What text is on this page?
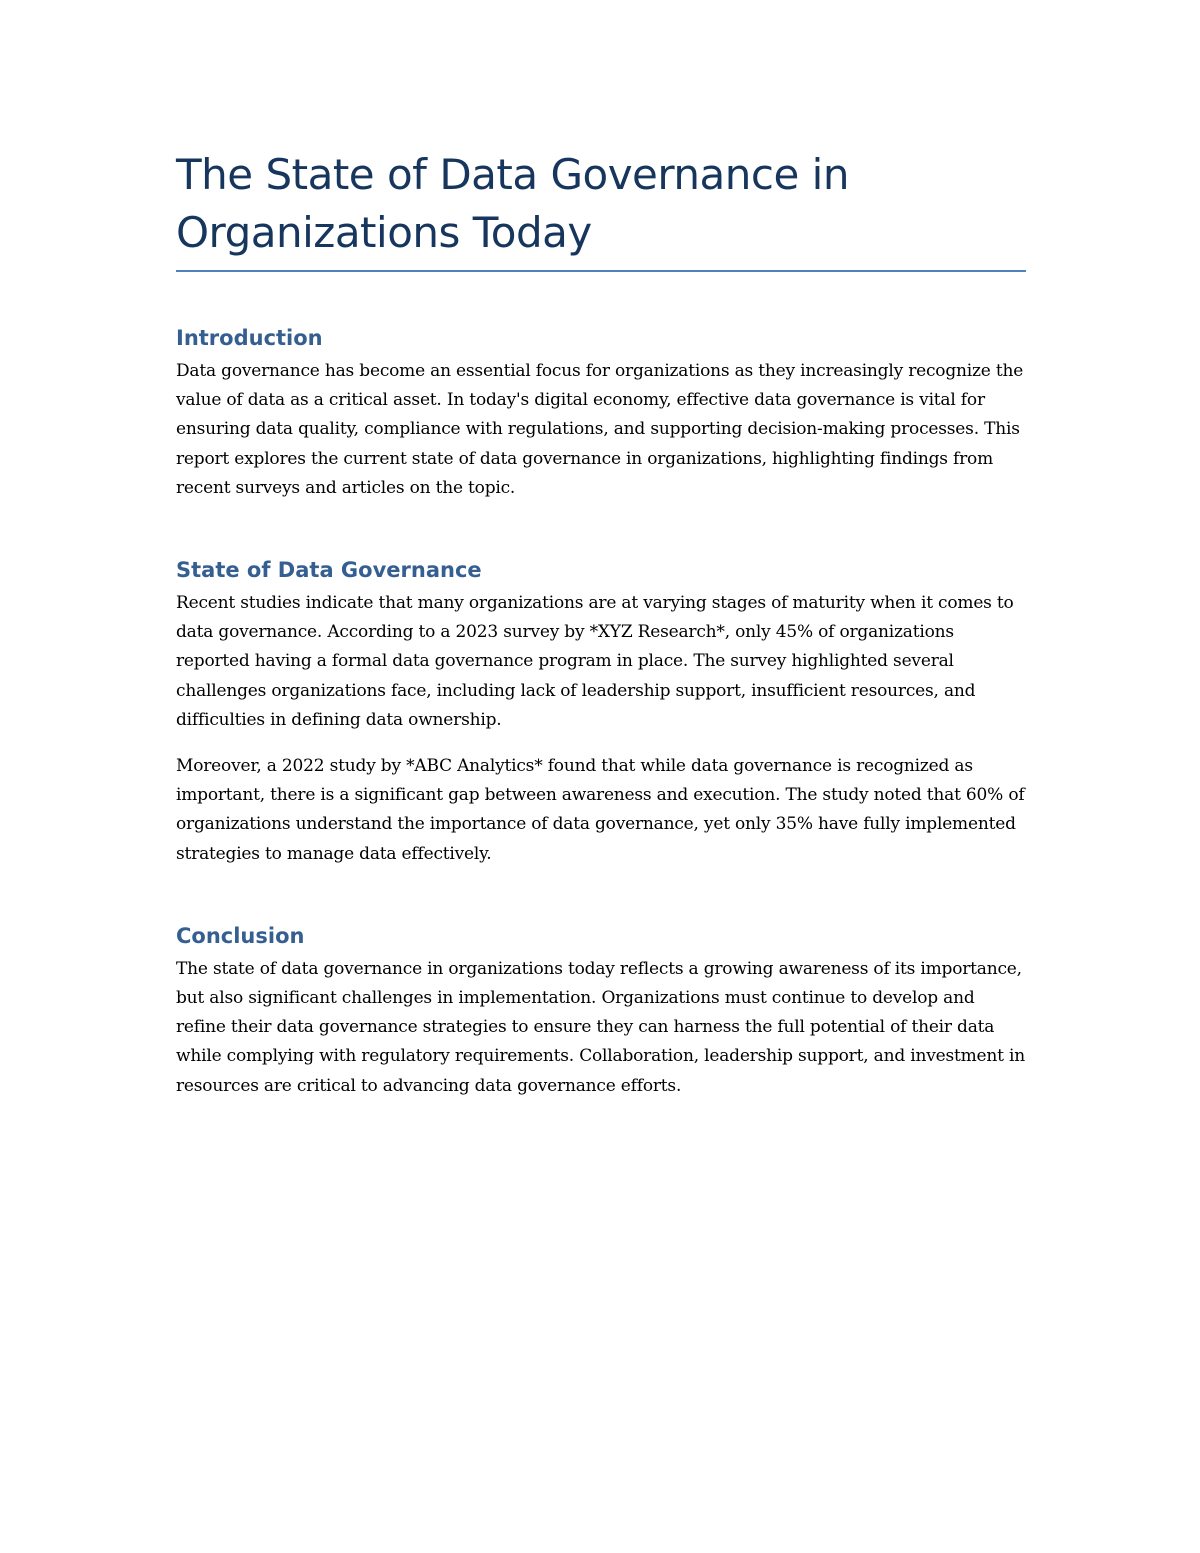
The State of Data Governance in Organizations Today
Introduction

Data governance has become an essential focus for organizations as they increasingly recognize the value of data as a critical asset. In today's digital economy, effective data governance is vital for ensuring data quality, compliance with regulations, and supporting decision-making processes. This report explores the current state of data governance in organizations, highlighting findings from recent surveys and articles on the topic.

State of Data Governance

Recent studies indicate that many organizations are at varying stages of maturity when it comes to data governance. According to a 2023 survey by *XYZ Research*, only 45% of organizations reported having a formal data governance program in place. The survey highlighted several challenges organizations face, including lack of leadership support, insufficient resources, and difficulties in defining data ownership.

Moreover, a 2022 study by *ABC Analytics* found that while data governance is recognized as important, there is a significant gap between awareness and execution. The study noted that 60% of organizations understand the importance of data governance, yet only 35% have fully implemented strategies to manage data effectively.

Conclusion

The state of data governance in organizations today reflects a growing awareness of its importance, but also significant challenges in implementation. Organizations must continue to develop and refine their data governance strategies to ensure they can harness the full potential of their data while complying with regulatory requirements. Collaboration, leadership support, and investment in resources are critical to advancing data governance efforts.
